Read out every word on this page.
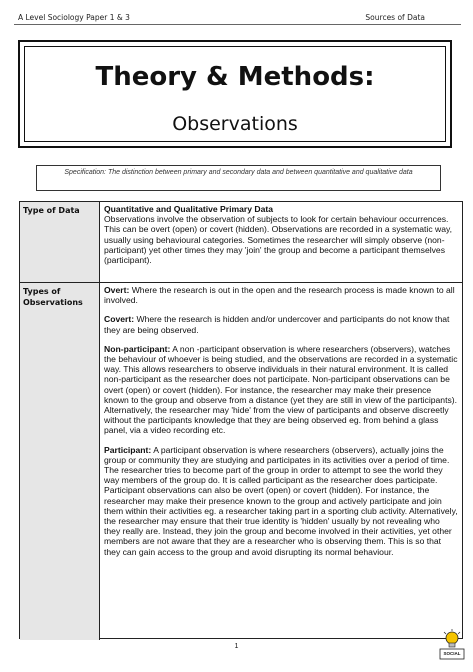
A Level Sociology Paper 1 & 3	Sources of Data
Theory & Methods:
Observations
Specification: The distinction between primary and secondary data and between quantitative and qualitative data
Type of Data	Quantitative and Qualitative Primary Data
Observations involve the observation of subjects to look for certain behaviour occurrences. This can be overt (open) or covert (hidden). Observations are recorded in a systematic way, usually using behavioural categories. Sometimes the researcher will simply observe (non-participant) yet other times they may 'join' the group and become a participant themselves (participant).
Types of Observations

Overt: Where the research is out in the open and the research process is made known to all involved.

Covert: Where the research is hidden and/or undercover and participants do not know that they are being observed.

Non-participant: A non -participant observation is where researchers (observers), watches the behaviour of whoever is being studied, and the observations are recorded in a systematic way. This allows researchers to observe individuals in their natural environment. It is called non-participant as the researcher does not participate. Non-participant observations can be overt (open) or covert (hidden). For instance, the researcher may make their presence known to the group and observe from a distance (yet they are still in view of the participants). Alternatively, the researcher may 'hide' from the view of participants and observe discreetly without the participants knowledge that they are being observed eg. from behind a glass panel, via a video recording etc.

Participant: A participant observation is where researchers (observers), actually joins the group or community they are studying and participates in its activities over a period of time. The researcher tries to become part of the group in order to attempt to see the world they way members of the group do. It is called participant as the researcher does participate. Participant observations can also be overt (open) or covert (hidden). For instance, the researcher may make their presence known to the group and actively participate and join them within their activities eg. a researcher taking part in a sporting club activity. Alternatively, the researcher may ensure that their true identity is 'hidden' usually by not revealing who they really are. Instead, they join the group and become involved in their activities, yet other members are not aware that they are a researcher who is observing them. This is so that they can gain access to the group and avoid disrupting its normal behaviour.

1
SOCIAL
